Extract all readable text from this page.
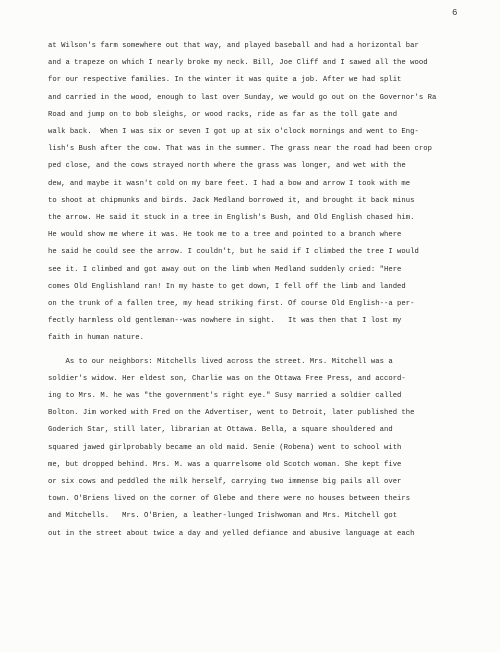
6
at Wilson's farm somewhere out that way, and played baseball and had a horizontal bar
and a trapeze on which I nearly broke my neck. Bill, Joe Cliff and I sawed all the wood
for our respective families. In the winter it was quite a job. After we had split
and carried in the wood, enough to last over Sunday, we would go out on the Governor's Ra
Road and jump on to bob sleighs, or wood racks, ride as far as the toll gate and
walk back.  When I was six or seven I got up at six o'clock mornings and went to Eng-
lish's Bush after the cow. That was in the summer. The grass near the road had been crop
ped close, and the cows strayed north where the grass was longer, and wet with the
dew, and maybe it wasn't cold on my bare feet. I had a bow and arrow I took with me
to shoot at chipmunks and birds. Jack Medland borrowed it, and brought it back minus
the arrow. He said it stuck in a tree in English's Bush, and Old English chased him.
He would show me where it was. He took me to a tree and pointed to a branch where
he said he could see the arrow. I couldn't, but he said if I climbed the tree I would
see it. I climbed and got away out on the limb when Medland suddenly cried: "Here
comes Old Englishland ran! In my haste to get down, I fell off the limb and landed
on the trunk of a fallen tree, my head striking first. Of course Old English--a per-
fectly harmless old gentleman--was nowhere in sight.   It was then that I lost my
faith in human nature.
As to our neighbors: Mitchells lived across the street. Mrs. Mitchell was a
soldier's widow. Her eldest son, Charlie was on the Ottawa Free Press, and accord-
ing to Mrs. M. he was "the government's right eye." Susy married a soldier called
Bolton. Jim worked with Fred on the Advertiser, went to Detroit, later published the
Goderich Star, still later, librarian at Ottawa. Bella, a square shouldered and
squared jawed girlprobably became an old maid. Senie (Robena) went to school with
me, but dropped behind. Mrs. M. was a quarrelsome old Scotch woman. She kept five
or six cows and peddled the milk herself, carrying two immense big pails all over
town. O'Briens lived on the corner of Glebe and there were no houses between theirs
and Mitchells.   Mrs. O'Brien, a leather-lunged Irishwoman and Mrs. Mitchell got
out in the street about twice a day and yelled defiance and abusive language at each
